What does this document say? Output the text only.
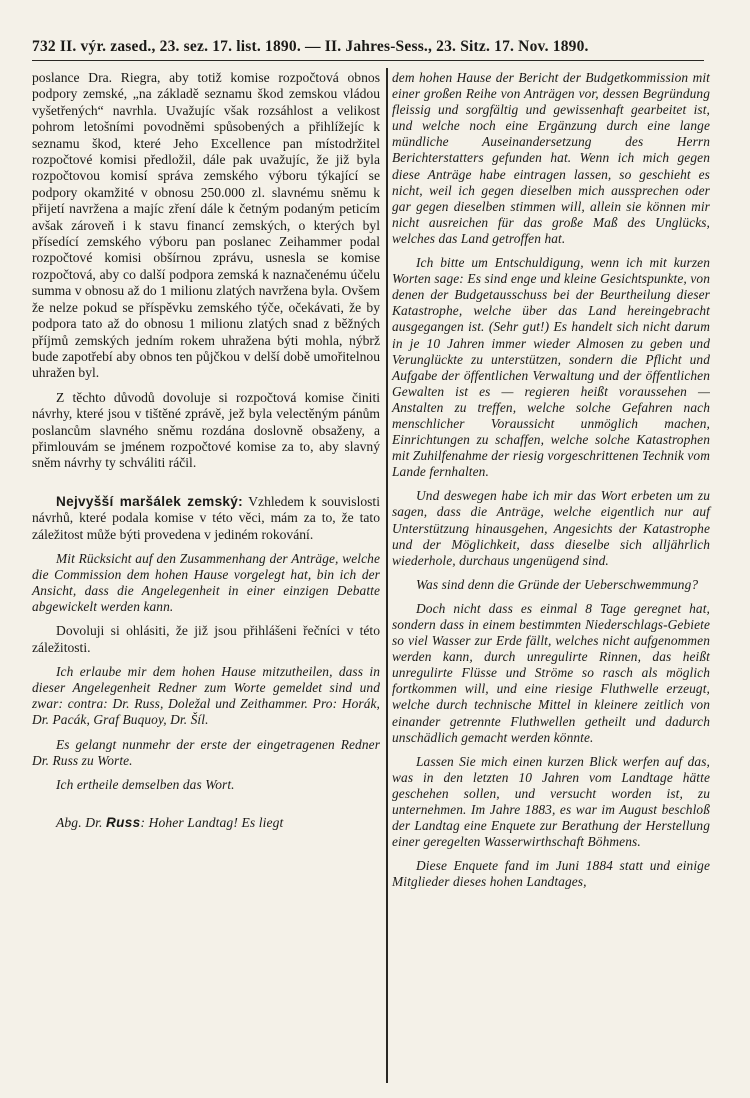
732 II. výr. zased., 23. sez. 17. list. 1890. — II. Jahres-Sess., 23. Sitz. 17. Nov. 1890.

poslance Dra. Riegra, aby totiž komise rozpočtová obnos podpory zemské, „na základě seznamu škod zemskou vládou vyšetřených“ navrhla. Uvažujíc však rozsáhlost a velikost pohrom letošními povodněmi spůsobených a přihlížejíc k seznamu škod, které Jeho Excellence pan místodržitel rozpočtové komisi předložil, dále pak uvažujíc, že již byla rozpočtovou komisí správa zemského výboru týkající se podpory okamžité v obnosu 250.000 zl. slavnému sněmu k přijetí navržena a majíc zření dále k četným podaným peticím avšak zároveň i k stavu financí zemských, o kterých byl přísedící zemského výboru pan poslanec Zeihammer podal rozpočtové komisi obšírnou zprávu, usnesla se komise rozpočtová, aby co další podpora zemská k naznačenému účelu summa v obnosu až do 1 milionu zlatých navržena byla. Ovšem že nelze pokud se příspěvku zemského týče, očekávati, že by podpora tato až do obnosu 1 milionu zlatých snad z běžných příjmů zemských jedním rokem uhražena býti mohla, nýbrž bude zapotřebí aby obnos ten půjčkou v delší době umořitelnou uhražen byl.

Z těchto důvodů dovoluje si rozpočtová komise činiti návrhy, které jsou v tištěné zprávě, jež byla velectěným pánům poslancům slavného sněmu rozdána doslovně obsaženy, a přimlouvám se jménem rozpočtové komise za to, aby slavný sněm návrhy ty schváliti ráčil.

Nejvyšší maršálek zemský: Vzhledem k souvislosti návrhů, které podala komise v této věci, mám za to, že tato záležitost může býti provedena v jediném rokování.

Mit Rücksicht auf den Zusammenhang der Anträge, welche die Commission dem hohen Hause vorgelegt hat, bin ich der Ansicht, dass die Angelegenheit in einer einzigen Debatte abgewickelt werden kann.

Dovoluji si ohlásiti, že již jsou přihlášeni řečníci v této záležitosti.

Ich erlaube mir dem hohen Hause mitzutheilen, dass in dieser Angelegenheit Redner zum Worte gemeldet sind und zwar: contra: Dr. Russ, Doležal und Zeithammer. Pro: Horák, Dr. Pacák, Graf Buquoy, Dr. Šíl.

Es gelangt nunmehr der erste der eingetragenen Redner Dr. Russ zu Worte.

Ich ertheile demselben das Wort.

Abg. Dr. Russ: Hoher Landtag! Es liegt

dem hohen Hause der Bericht der Budgetkommission mit einer großen Reihe von Anträgen vor, dessen Begründung fleissig und sorgfältig und gewissenhaft gearbeitet ist, und welche noch eine Ergänzung durch eine lange mündliche Auseinandersetzung des Herrn Berichterstatters gefunden hat. Wenn ich mich gegen diese Anträge habe eintragen lassen, so geschieht es nicht, weil ich gegen dieselben mich aussprechen oder gar gegen dieselben stimmen will, allein sie können mir nicht ausreichen für das große Maß des Unglücks, welches das Land getroffen hat.

Ich bitte um Entschuldigung, wenn ich mit kurzen Worten sage: Es sind enge und kleine Gesichtspunkte, von denen der Budgetausschuss bei der Beurtheilung dieser Katastrophe, welche über das Land hereingebracht ausgegangen ist. (Sehr gut!) Es handelt sich nicht darum in je 10 Jahren immer wieder Almosen zu geben und Verunglückte zu unterstützen, sondern die Pflicht und Aufgabe der öffentlichen Verwaltung und der öffentlichen Gewalten ist es — regieren heißt voraussehen — Anstalten zu treffen, welche solche Gefahren nach menschlicher Voraussicht unmöglich machen, Einrichtungen zu schaffen, welche solche Katastrophen mit Zuhilfenahme der riesig vorgeschrittenen Technik vom Lande fernhalten.

Und deswegen habe ich mir das Wort erbeten um zu sagen, dass die Anträge, welche eigentlich nur auf Unterstützung hinausgehen, Angesichts der Katastrophe und der Möglichkeit, dass dieselbe sich alljährlich wiederhole, durchaus ungenügend sind.

Was sind denn die Gründe der Ueberschwemmung?

Doch nicht dass es einmal 8 Tage geregnet hat, sondern dass in einem bestimmten Niederschlags-Gebiete so viel Wasser zur Erde fällt, welches nicht aufgenommen werden kann, durch unregulirte Rinnen, das heißt unregulirte Flüsse und Ströme so rasch als möglich fortkommen will, und eine riesige Fluthwelle erzeugt, welche durch technische Mittel in kleinere zeitlich von einander getrennte Fluthwellen getheilt und dadurch unschädlich gemacht werden könnte.

Lassen Sie mich einen kurzen Blick werfen auf das, was in den letzten 10 Jahren vom Landtage hätte geschehen sollen, und versucht worden ist, zu unternehmen. Im Jahre 1883, es war im August beschloß der Landtag eine Enquete zur Berathung der Herstellung einer geregelten Wasserwirthschaft Böhmens.

Diese Enquete fand im Juni 1884 statt und einige Mitglieder dieses hohen Landtages,
